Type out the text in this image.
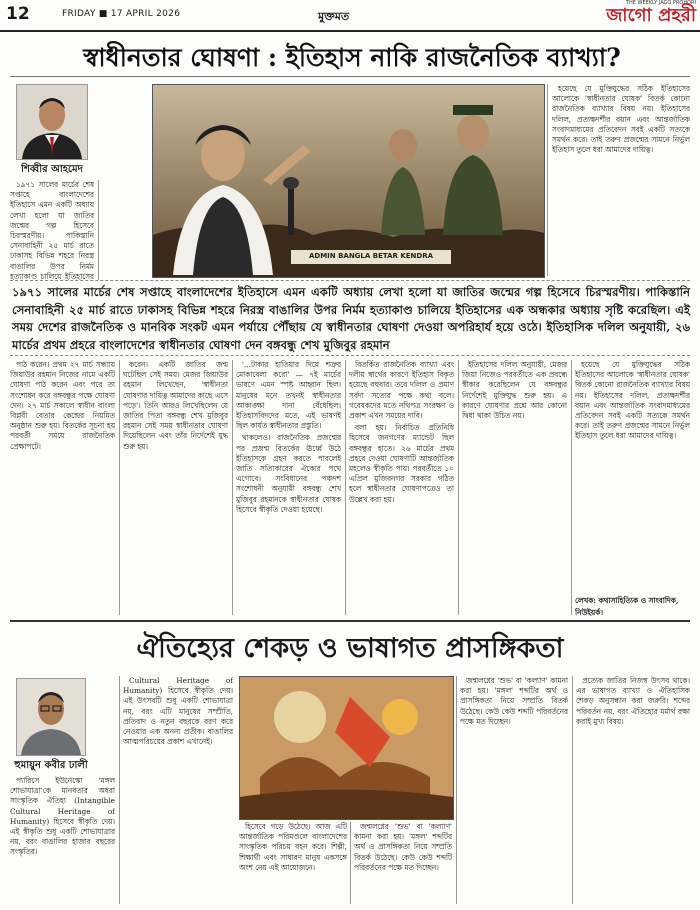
12	FRIDAY ■ 17 APRIL 2026	মুক্তমত
THE WEEKLY JAGO PROHORI
জাগো প্রহরী
স্বাধীনতার ঘোষণা : ইতিহাস নাকি রাজনৈতিক ব্যাখ্যা?
শিব্বীর আহমেদ

১৯৭১ সালের মার্চের শেষ সপ্তাহে বাংলাদেশের ইতিহাসে এমন একটি অধ্যায় লেখা হলো যা জাতির জন্মের গল্প হিসেবে চিরস্মরণীয়। পাকিস্তানি সেনাবাহিনী ২৫ মার্চ রাতে ঢাকাসহ বিভিন্ন শহরে নিরস্ত্র বাঙালির উপর নির্মম হত্যাকাণ্ড চালিয়ে ইতিহাসের

ADMIN BANGLA BETAR KENDRA

হয়েছে যে মুক্তিযুদ্ধের সঠিক ইতিহাসের আলোকে 'স্বাধীনতার ঘোষক' বিতর্ক কোনো রাজনৈতিক ব্যাখ্যার বিষয় নয়। ইতিহাসের দলিল, প্রত্যক্ষদর্শীর বয়ান এবং আন্তর্জাতিক সংবাদমাধ্যমের প্রতিবেদন সবই একটি সত্যকে সমর্থন করে। তাই তরুণ প্রজন্মের সামনে নির্ভুল ইতিহাস তুলে ধরা আমাদের দায়িত্ব।

১৯৭১ সালের মার্চের শেষ সপ্তাহে বাংলাদেশের ইতিহাসে এমন একটি অধ্যায় লেখা হলো যা জাতির জন্মের গল্প হিসেবে চিরস্মরণীয়। পাকিস্তানি সেনাবাহিনী ২৫ মার্চ রাতে ঢাকাসহ বিভিন্ন শহরে নিরস্ত্র বাঙালির উপর নির্মম হত্যাকাণ্ড চালিয়ে ইতিহাসের এক অন্ধকার অধ্যায় সৃষ্টি করেছিল। এই সময় দেশের রাজনৈতিক ও মানবিক সংকট এমন পর্যায়ে পৌঁছায় যে স্বাধীনতার ঘোষণা দেওয়া অপরিহার্য হয়ে ওঠে। ইতিহাসিক দলিল অনুযায়ী, ২৬ মার্চের প্রথম প্রহরে বাংলাদেশের স্বাধীনতার ঘোষণা দেন বঙ্গবন্ধু শেখ মুজিবুর রহমান

পাঠ করেন। প্রথম ২৭ মার্চ সন্ধ্যায় জিয়াউর রহমান নিজের নামে একটি ঘোষণা পাঠ করেন এবং পরে তা সংশোধন করে বঙ্গবন্ধুর পক্ষে ঘোষণা দেন। ২৭ মার্চ সকালে স্বাধীন বাংলা বিপ্লবী বেতার কেন্দ্রের নিয়মিত অনুষ্ঠান শুরু হয়। বিতর্কের সূচনা হয় পরবর্তী সময়ে রাজনৈতিক প্রেক্ষাপটে।

করেন। একটি জাতির জন্ম ঘটেছিল সেই সময়। মেজর জিয়াউর রহমান লিখেছেন, 'স্বাধীনতা ঘোষণার দায়িত্ব আমাদের কাছে এসে পড়ে'। তিনি আরও লিখেছিলেন যে জাতির পিতা বঙ্গবন্ধু শেখ মুজিবুর রহমান সেই সময় স্বাধীনতার ঘোষণা দিয়েছিলেন এবং তাঁর নির্দেশেই যুদ্ধ শুরু হয়।

'...টাকার হাতিয়ার দিয়ে শত্রুর মোকাবেলা করো' — ৭ই মার্চের ভাষণে এমন স্পষ্ট আহ্বান ছিল। মানুষের মনে তখনই স্বাধীনতার আকাঙ্ক্ষা দানা বেঁধেছিল। ইতিহাসবিদদের মতে, এই ভাষণই ছিল কার্যত স্বাধীনতার প্রস্তুতি।

থাকলেও। রাজনৈতিক প্রজন্মের পর প্রজন্ম বিতর্কের ঊর্ধ্বে উঠে ইতিহাসকে গ্রহণ করতে পারলেই জাতি সত্যিকারের ঐক্যের পথে এগোবে। সংবিধানের পঞ্চদশ সংশোধনী অনুযায়ী বঙ্গবন্ধু শেখ মুজিবুর রহমানকে স্বাধীনতার ঘোষক হিসেবে স্বীকৃতি দেওয়া হয়েছে।

বিতর্কিত রাজনৈতিক ব্যাখ্যা এবং দলীয় স্বার্থের কারণে ইতিহাস বিকৃত হয়েছে বহুবার। তবে দলিল ও প্রমাণ সর্বদা সত্যের পক্ষে কথা বলে। গবেষকদের মতে নথিপত্র সংরক্ষণ ও প্রকাশ এখন সময়ের দাবি।

বলা হয়। নির্বাচিত প্রতিনিধি হিসেবে জনগণের ম্যান্ডেট ছিল বঙ্গবন্ধুর হাতে। ২৬ মার্চের প্রথম প্রহরে দেওয়া ঘোষণাটি আন্তর্জাতিক মহলেও স্বীকৃতি পায়। পরবর্তীতে ১০ এপ্রিল মুজিবনগর সরকার গঠিত হলে স্বাধীনতার ঘোষণাপত্রেও তা উল্লেখ করা হয়।

ইতিহাসের দলিল অনুযায়ী, মেজর জিয়া নিজেও পরবর্তীতে এক প্রবন্ধে স্বীকার করেছিলেন যে বঙ্গবন্ধুর নির্দেশেই মুক্তিযুদ্ধ শুরু হয়। এ কারণে ঘোষণার প্রশ্নে আর কোনো দ্বিধা থাকা উচিত নয়।

হয়েছে যে মুক্তিযুদ্ধের সঠিক ইতিহাসের আলোকে 'স্বাধীনতার ঘোষক' বিতর্ক কোনো রাজনৈতিক ব্যাখ্যার বিষয় নয়। ইতিহাসের দলিল, প্রত্যক্ষদর্শীর বয়ান এবং আন্তর্জাতিক সংবাদমাধ্যমের প্রতিবেদন সবই একটি সত্যকে সমর্থন করে। তাই তরুণ প্রজন্মের সামনে নির্ভুল ইতিহাস তুলে ধরা আমাদের দায়িত্ব।

লেখক: কথাসাহিত্যিক ও সাংবাদিক, নিউইয়র্ক।
ঐতিহ্যের শেকড় ও ভাষাগত প্রাসঙ্গিকতা
হুমায়ুন কবীর ঢালী

প্যারিসে ইউনেস্কো 'মঙ্গল শোভাযাত্রা'কে মানবতার অধরা সাংস্কৃতিক ঐতিহ্য (Intangible Cultural Heritage of Humanity) হিসেবে স্বীকৃতি দেয়। এই স্বীকৃতি শুধু একটি শোভাযাত্রার নয়, বরং বাঙালির হাজার বছরের সংস্কৃতির।

Cultural Heritage of Humanity) হিসেবে স্বীকৃতি দেয়। এই উৎসবটি শুধু একটি শোভাযাত্রা নয়, বরং এটি মানুষের সম্প্রীতি, প্রতিবাদ ও নতুন বছরকে বরণ করে নেওয়ার এক অনন্য প্রতীক। বাঙালির আত্মপরিচয়ের প্রকাশ এখানেই।

হিসেবে গড়ে উঠেছে। আজ এটি আন্তর্জাতিক পরিমণ্ডলে বাংলাদেশের সাংস্কৃতিক পরিচয় বহন করে। শিল্পী, শিক্ষার্থী এবং সাধারণ মানুষ একসঙ্গে অংশ নেয় এই আয়োজনে।

জন্মলগ্নের 'শুভ' বা 'কল্যাণ' কামনা করা হয়। 'মঙ্গল' শব্দটির অর্থ ও প্রাসঙ্গিকতা নিয়ে সম্প্রতি বিতর্ক উঠেছে। কেউ কেউ শব্দটি পরিবর্তনের পক্ষে মত দিচ্ছেন।

জন্মলগ্নের 'শুভ' বা 'কল্যাণ' কামনা করা হয়। 'মঙ্গল' শব্দটির অর্থ ও প্রাসঙ্গিকতা নিয়ে সম্প্রতি বিতর্ক উঠেছে। কেউ কেউ শব্দটি পরিবর্তনের পক্ষে মত দিচ্ছেন।

প্রত্যেক জাতির নিজস্ব উৎসব থাকে। এর ভাষাগত ব্যাখ্যা ও ঐতিহাসিক শেকড় অনুসন্ধান করা জরুরি। শব্দের পরিবর্তন নয়, বরং ঐতিহ্যের মর্মার্থ রক্ষা করাই মুখ্য বিষয়।
